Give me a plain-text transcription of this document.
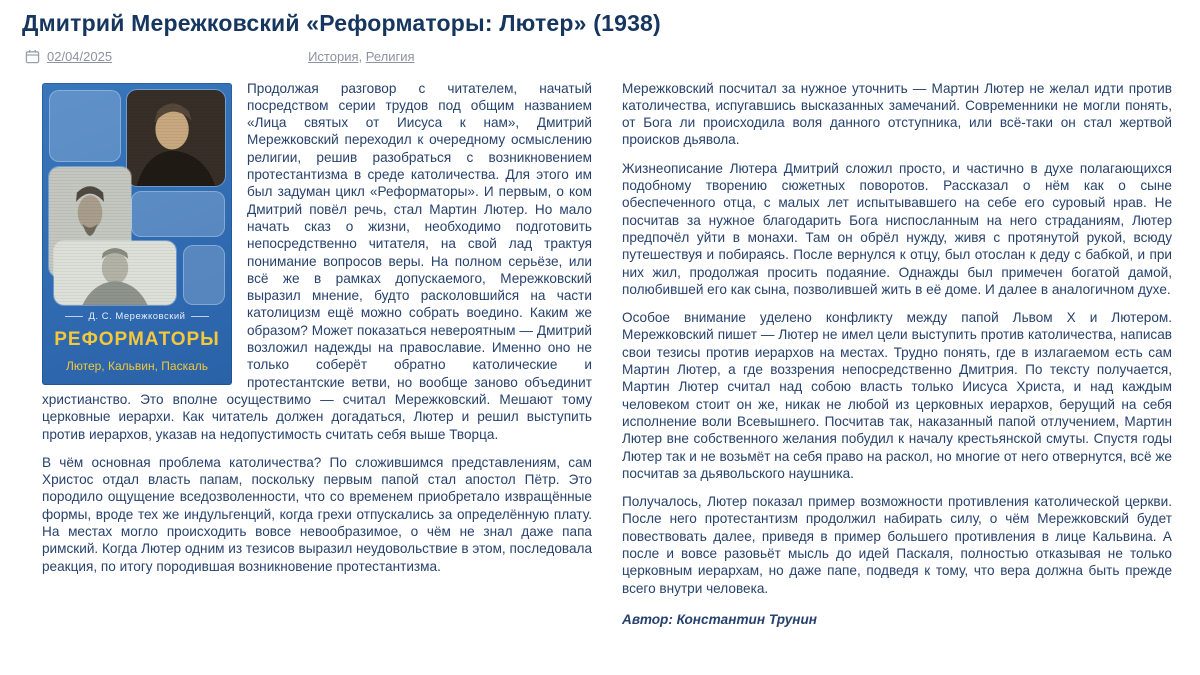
Дмитрий Мережковский «Реформаторы: Лютер» (1938)
02/04/2025	История, Религия
Д. С. Мережковский
РЕФОРМАТОРЫ
Лютер, Кальвин, Паскаль

Продолжая разговор с читателем, начатый посредством серии трудов под общим названием «Лица святых от Иисуса к нам», Дмитрий Мережковский переходил к очередному осмыслению религии, решив разобраться с возникновением протестантизма в среде католичества. Для этого им был задуман цикл «Реформаторы». И первым, о ком Дмитрий повёл речь, стал Мартин Лютер. Но мало начать сказ о жизни, необходимо подготовить непосредственно читателя, на свой лад трактуя понимание вопросов веры. На полном серьёзе, или всё же в рамках допускаемого, Мережковский выразил мнение, будто расколовшийся на части католицизм ещё можно собрать воедино. Каким же образом? Может показаться невероятным — Дмитрий возложил надежды на православие. Именно оно не только соберёт обратно католические и протестантские ветви, но вообще заново объединит христианство. Это вполне осуществимо — считал Мережковский. Мешают тому церковные иерархи. Как читатель должен догадаться, Лютер и решил выступить против иерархов, указав на недопустимость считать себя выше Творца.

В чём основная проблема католичества? По сложившимся представлениям, сам Христос отдал власть папам, поскольку первым папой стал апостол Пётр. Это породило ощущение вседозволенности, что со временем приобретало извращённые формы, вроде тех же индульгенций, когда грехи отпускались за определённую плату. На местах могло происходить вовсе невообразимое, о чём не знал даже папа римский. Когда Лютер одним из тезисов выразил неудовольствие в этом, последовала реакция, по итогу породившая возникновение протестантизма.

Мережковский посчитал за нужное уточнить — Мартин Лютер не желал идти против католичества, испугавшись высказанных замечаний. Современники не могли понять, от Бога ли происходила воля данного отступника, или всё-таки он стал жертвой происков дьявола.

Жизнеописание Лютера Дмитрий сложил просто, и частично в духе полагающихся подобному творению сюжетных поворотов. Рассказал о нём как о сыне обеспеченного отца, с малых лет испытывавшего на себе его суровый нрав. Не посчитав за нужное благодарить Бога ниспосланным на него страданиям, Лютер предпочёл уйти в монахи. Там он обрёл нужду, живя с протянутой рукой, всюду путешествуя и побираясь. После вернулся к отцу, был отослан к деду с бабкой, и при них жил, продолжая просить подаяние. Однажды был примечен богатой дамой, полюбившей его как сына, позволившей жить в её доме. И далее в аналогичном духе.

Особое внимание уделено конфликту между папой Львом X и Лютером. Мережковский пишет — Лютер не имел цели выступить против католичества, написав свои тезисы против иерархов на местах. Трудно понять, где в излагаемом есть сам Мартин Лютер, а где воззрения непосредственно Дмитрия. По тексту получается, Мартин Лютер считал над собою власть только Иисуса Христа, и над каждым человеком стоит он же, никак не любой из церковных иерархов, берущий на себя исполнение воли Всевышнего. Посчитав так, наказанный папой отлучением, Мартин Лютер вне собственного желания побудил к началу крестьянской смуты. Спустя годы Лютер так и не возьмёт на себя право на раскол, но многие от него отвернутся, всё же посчитав за дьявольского наушника.

Получалось, Лютер показал пример возможности противления католической церкви. После него протестантизм продолжил набирать силу, о чём Мережковский будет повествовать далее, приведя в пример большего противления в лице Кальвина. А после и вовсе разовьёт мысль до идей Паскаля, полностью отказывая не только церковным иерархам, но даже папе, подведя к тому, что вера должна быть прежде всего внутри человека.

Автор: Константин Трунин
